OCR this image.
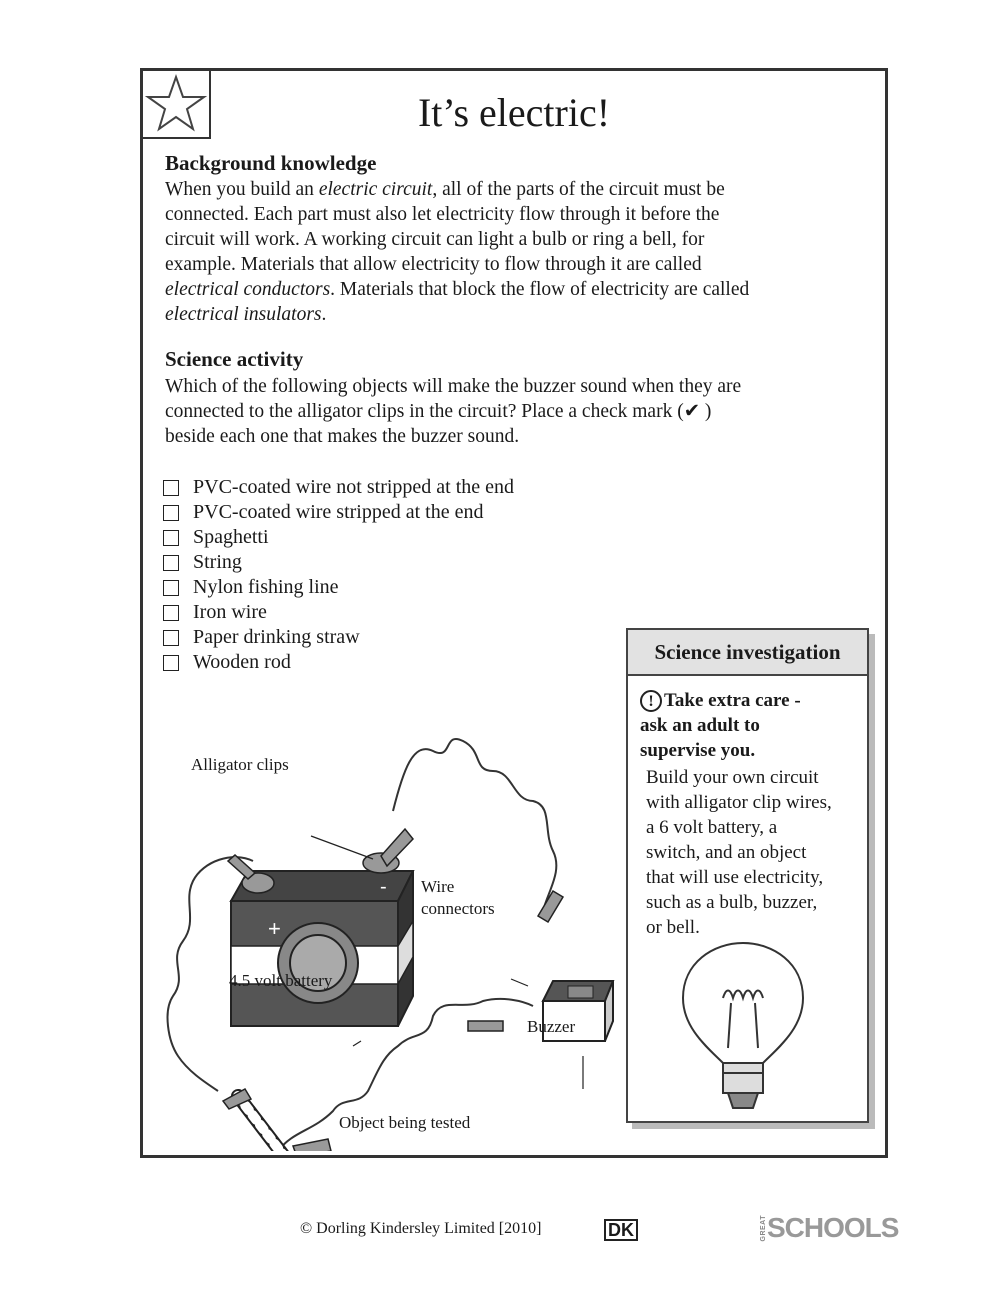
It’s electric!
Background knowledge
When you build an electric circuit, all of the parts of the circuit must be
connected. Each part must also let electricity flow through it before the
circuit will work. A working circuit can light a bulb or ring a bell, for
example. Materials that allow electricity to flow through it are called
electrical conductors. Materials that block the flow of electricity are called
electrical insulators.
Science activity
Which of the following objects will make the buzzer sound when they are
connected to the alligator clips in the circuit? Place a check mark (✔ )
beside each one that makes the buzzer sound.
PVC-coated wire not stripped at the end
PVC-coated wire stripped at the end
Spaghetti
String
Nylon fishing line
Iron wire
Paper drinking straw
Wooden rod
+
-
Alligator clips
Wire
connectors
4.5 volt battery
Buzzer
Object being tested
Science investigation
! Take extra care -
ask an adult to
supervise you.
Build your own circuit
with alligator clip wires,
a 6 volt battery, a
switch, and an object
that will use electricity,
such as a bulb, buzzer,
or bell.
© Dorling Kindersley Limited [2010]	DK	GREAT SCHOOLS
